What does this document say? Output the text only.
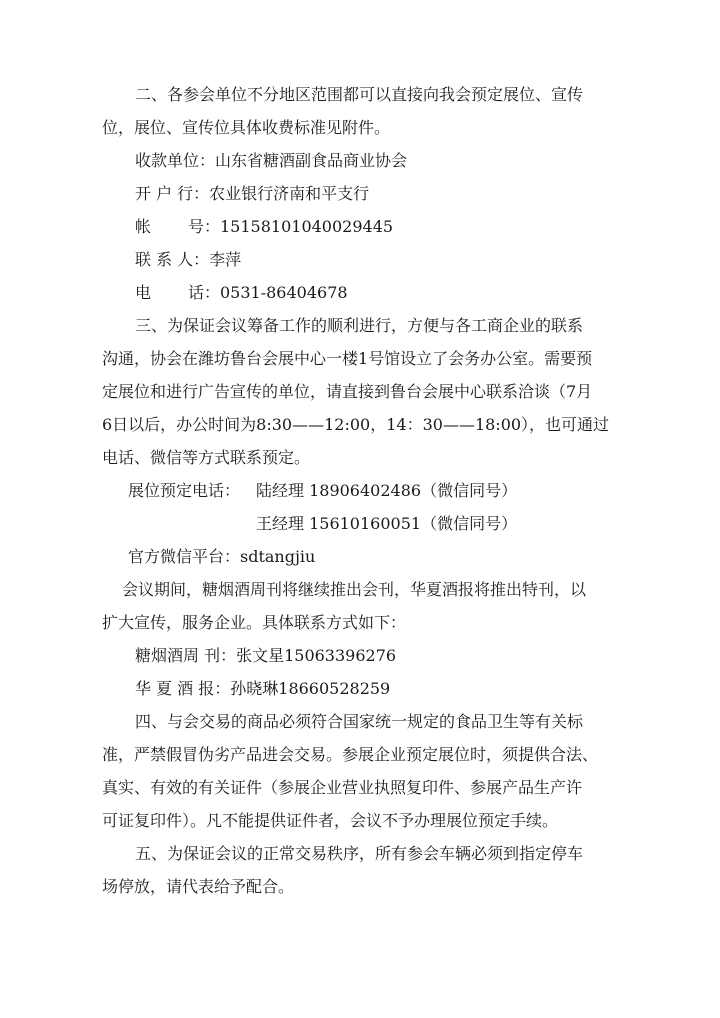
二、各参会单位不分地区范围都可以直接向我会预定展位、宣传
位，展位、宣传位具体收费标准见附件。
收款单位：山东省糖酒副食品商业协会
开 户 行：农业银行济南和平支行
帐 号：15158101040029445
联 系 人：李萍
电 话：0531-86404678
三、为保证会议筹备工作的顺利进行，方便与各工商企业的联系
沟通，协会在潍坊鲁台会展中心一楼1号馆设立了会务办公室。需要预
定展位和进行广告宣传的单位，请直接到鲁台会展中心联系洽谈（7月
6日以后，办公时间为8:30——12:00，14：30——18:00），也可通过
电话、微信等方式联系预定。
展位预定电话： 陆经理 18906402486（微信同号）
王经理 15610160051（微信同号）
官方微信平台：sdtangjiu
会议期间，糖烟酒周刊将继续推出会刊，华夏酒报将推出特刊，以
扩大宣传，服务企业。具体联系方式如下：
糖烟酒周 刊：张文星15063396276
华 夏 酒 报：孙晓琳18660528259
四、与会交易的商品必须符合国家统一规定的食品卫生等有关标
准，严禁假冒伪劣产品进会交易。参展企业预定展位时，须提供合法、
真实、有效的有关证件（参展企业营业执照复印件、参展产品生产许
可证复印件）。凡不能提供证件者，会议不予办理展位预定手续。
五、为保证会议的正常交易秩序，所有参会车辆必须到指定停车
场停放，请代表给予配合。
